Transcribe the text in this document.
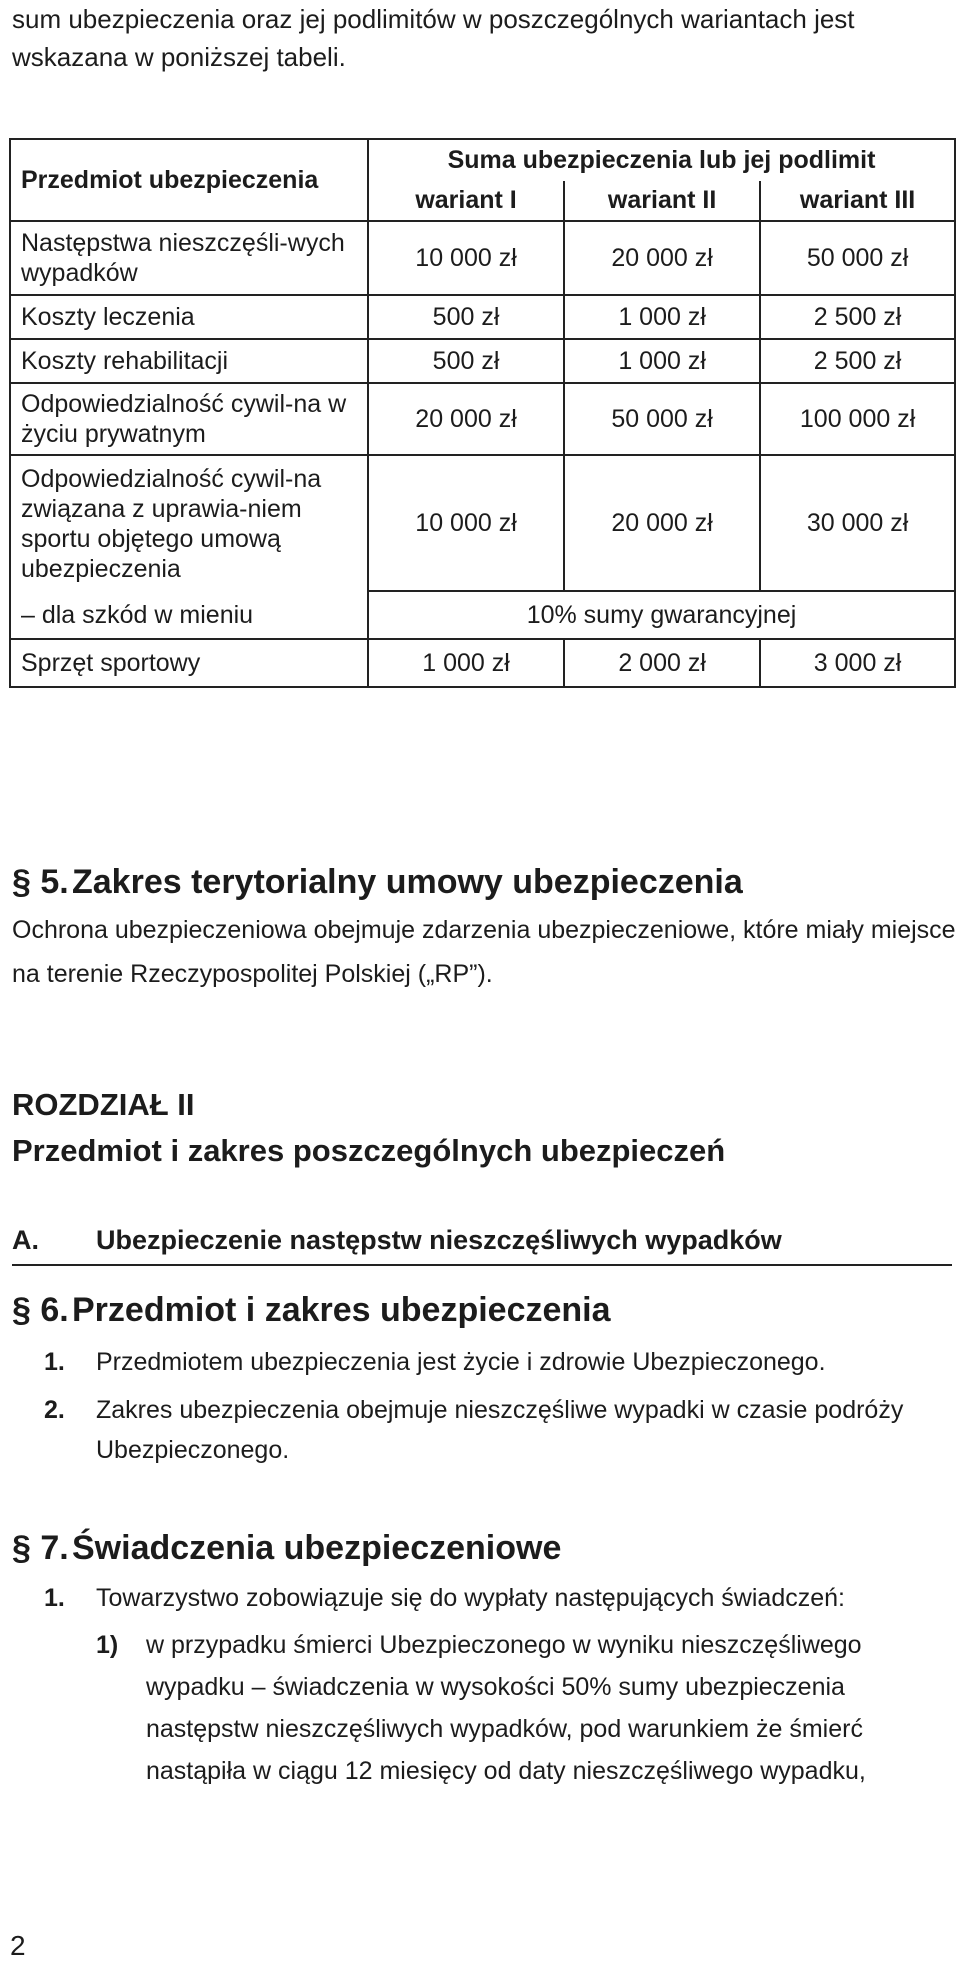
sum ubezpieczenia oraz jej podlimitów w poszczególnych wariantach jest wskazana w poniższej tabeli.

Przedmiot ubezpieczenia	Suma ubezpieczenia lub jej podlimit		
	wariant I	wariant II	wariant III
Następstwa nieszczęśli-wych wypadków	10 000 zł	20 000 zł	50 000 zł
Koszty leczenia	500 zł	1 000 zł	2 500 zł
Koszty rehabilitacji	500 zł	1 000 zł	2 500 zł
Odpowiedzialność cywil-na w życiu prywatnym	20 000 zł	50 000 zł	100 000 zł
Odpowiedzialność cywil-na związana z uprawia-niem sportu objętego umową ubezpieczenia	10 000 zł	20 000 zł	30 000 zł
– dla szkód w mieniu	10% sumy gwarancyjnej		
Sprzęt sportowy	1 000 zł	2 000 zł	3 000 zł
§ 5.Zakres terytorialny umowy ubezpieczenia

Ochrona ubezpieczeniowa obejmuje zdarzenia ubezpieczeniowe, które miały miejsce na terenie Rzeczypospolitej Polskiej („RP”).

ROZDZIAŁ II
Przedmiot i zakres poszczególnych ubezpieczeń
A. Ubezpieczenie następstw nieszczęśliwych wypadków
§ 6.Przedmiot i zakres ubezpieczenia
1. Przedmiotem ubezpieczenia jest życie i zdrowie Ubezpieczonego.
2. Zakres ubezpieczenia obejmuje nieszczęśliwe wypadki w czasie podróży Ubezpieczonego.
§ 7.Świadczenia ubezpieczeniowe
1. Towarzystwo zobowiązuje się do wypłaty następujących świadczeń:
1) w przypadku śmierci Ubezpieczonego w wyniku nieszczęśliwego wypadku – świadczenia w wysokości 50% sumy ubezpieczenia następstw nieszczęśliwych wypadków, pod warunkiem że śmierć nastąpiła w ciągu 12 miesięcy od daty nieszczęśliwego wypadku,
2
